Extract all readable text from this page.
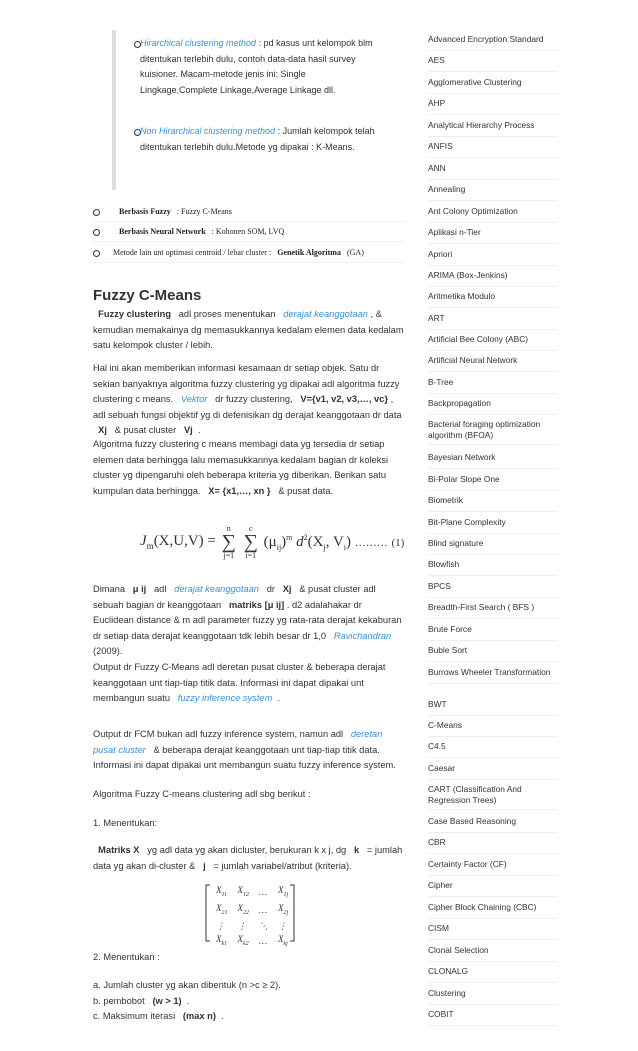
Hirarchical clustering method : pd kasus unt kelompok blm ditentukan terlebih dulu, contoh data-data hasil survey kuisioner. Macam-metode jenis ini: Single Lingkage,Complete Linkage,Average Linkage dll.
Non Hirarchical clustering method : Jumlah kelompok telah ditentukan terlebih dulu.Metode yg dipakai : K-Means.
Berbasis Fuzzy : Fuzzy C-Means
Berbasis Neural Network : Kohonen SOM, LVQ
Metode lain unt optimasi centroid / lebar cluster : Genetik Algoritma (GA)
Fuzzy C-Means
Fuzzy clustering adl proses menentukan derajat keanggotaan , & kemudian memakainya dg memasukkannya kedalam elemen data kedalam satu kelompok cluster / lebih.
Hal ini akan memberikan informasi kesamaan dr setiap objek. Satu dr sekian banyaknya algoritma fuzzy clustering yg dipakai adl algoritma fuzzy clustering c means. Vektor dr fuzzy clustering, V={v1, v2, v3,…, vc} , adl sebuah fungsi objektif yg di defenisikan dg derajat keanggotaan dr data   Xj & pusat cluster Vj .
Algoritma fuzzy clustering c means membagi data yg tersedia dr setiap elemen data berhingga lalu memasukkannya kedalam bagian dr koleksi cluster yg dipengaruhi oleh beberapa kriteria yg diberikan. Berikan satu kumpulan data berhingga. X= {x1,…, xn } & pusat data.
$J_m(X,U,V) = n$
∑
j=1 c
∑
i=1 $(\mu_{ij})^m$ $d^2(X_j$, $V_i$) ……… (1)
Dimana μ ij adl derajat keanggotaan dr Xj & pusat cluster adl sebuah bagian dr keanggotaan matriks [μ ij] . d2 adalahakar dr Euclidean distance & m adl parameter fuzzy yg rata-rata derajat kekaburan dr setiap data derajat keanggotaan tdk lebih besar dr 1,0 Ravichandran (2009).
Output dr Fuzzy C-Means adl deretan pusat cluster & beberapa derajat keanggotaan unt tiap-tiap titik data. Informasi ini dapat dipakai unt membangun suatu fuzzy inference system .
Output dr FCM bukan adl fuzzy inference system, namun adl deretan pusat cluster & beberapa derajat keanggotaan unt tiap-tiap titik data. Informasi ini dapat dipakai unt membangun suatu fuzzy inference system.
Algoritma Fuzzy C-means clustering adl sbg berikut :
1. Menentukan:
Matriks X yg adl data yg akan dicluster, berukuran k x j, dg k = jumlah data yg akan di-cluster & j = jumlah variabel/atribut (kriteria).
$X_{11}$	$X_{12}$	…	$X_{1j}$
$X_{21}$	$X_{22}$	…	$X_{2j}$
⋮	⋮	⋱	⋮
$X_{k1}$	$X_{k2}$	…	$X_{kj}$
2. Menentukan :
a. Jumlah cluster yg akan dibentuk (n >c ≥ 2).
b. pembobot (w > 1) .
c. Maksimum iterasi (max n) .
Advanced Encryption Standard
AES
Agglomerative Clustering
AHP
Analytical Hierarchy Process
ANFIS
ANN
Annealing
Ant Colony Optimization
Aplikasi n-Tier
Apriori
ARIMA (Box-Jenkins)
Aritmetika Modulo
ART
Artificial Bee Colony (ABC)
Artificial Neural Network
B-Tree
Backpropagation
Bacterial foraging optimization algorithm (BFOA)
Bayesian Network
Bi-Polar Slope One
Biometrik
Bit-Plane Complexity
Blind signature
Blowfish
BPCS
Breadth-First Search ( BFS )
Brute Force
Buble Sort
Burrows Wheeler Transformation
BWT
C-Means
C4.5
Caesar
CART (Classification And Regression Trees)
Case Based Reasoning
CBR
Certainty Factor (CF)
Cipher
Cipher Block Chaining (CBC)
CISM
Clonal Selection
CLONALG
Clustering
COBIT
